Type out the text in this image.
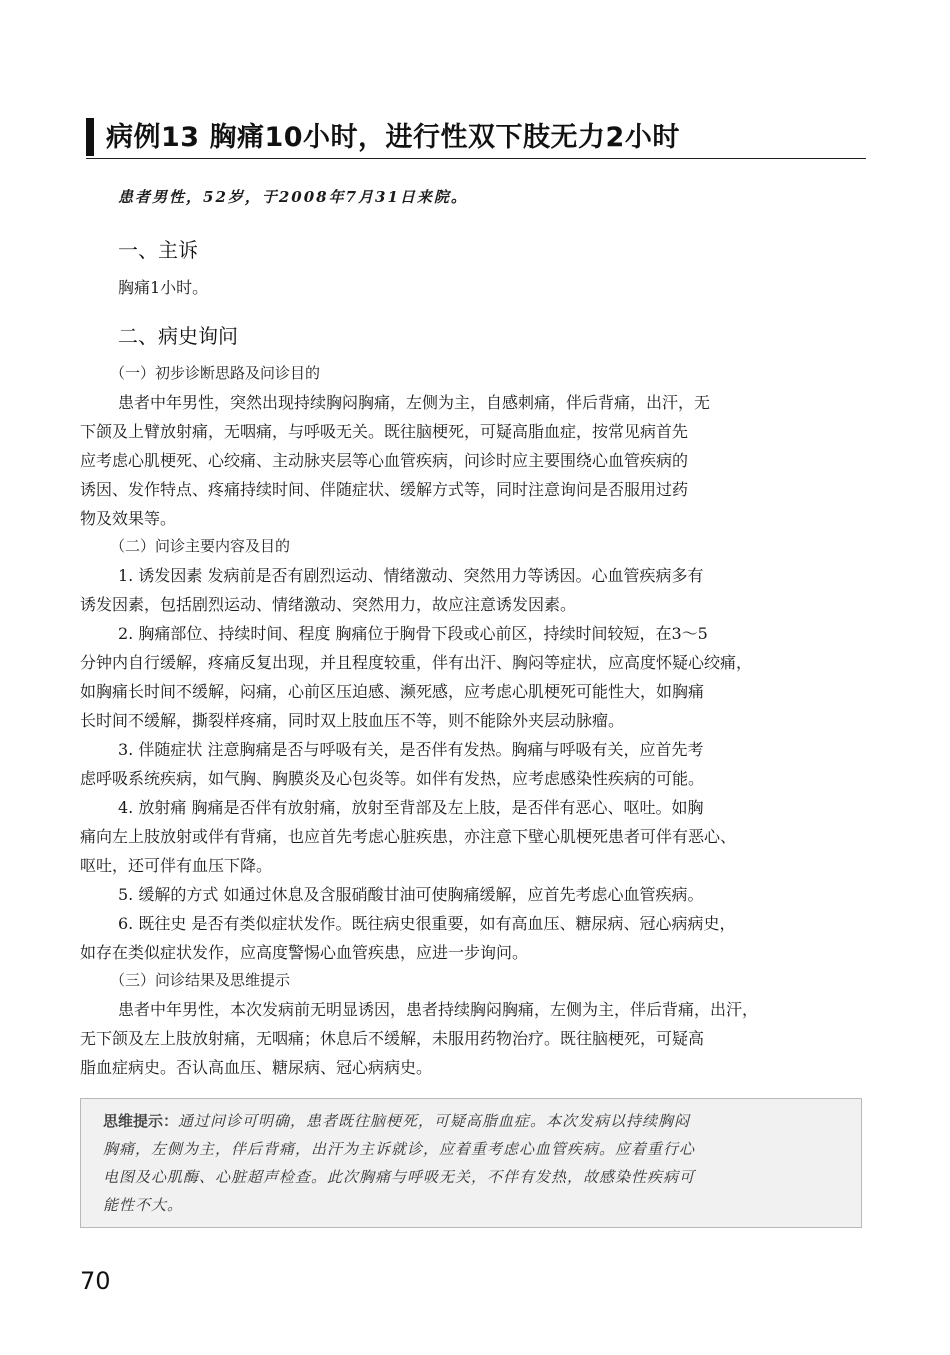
病例13 胸痛10小时，进行性双下肢无力2小时
患者男性，52岁，于2008年7月31日来院。
一、主诉
胸痛1小时。
二、病史询问
（一）初步诊断思路及问诊目的
患者中年男性，突然出现持续胸闷胸痛，左侧为主，自感刺痛，伴后背痛，出汗，无
下颌及上臂放射痛，无咽痛，与呼吸无关。既往脑梗死，可疑高脂血症，按常见病首先
应考虑心肌梗死、心绞痛、主动脉夹层等心血管疾病，问诊时应主要围绕心血管疾病的
诱因、发作特点、疼痛持续时间、伴随症状、缓解方式等，同时注意询问是否服用过药
物及效果等。
（二）问诊主要内容及目的
1. 诱发因素 发病前是否有剧烈运动、情绪激动、突然用力等诱因。心血管疾病多有
诱发因素，包括剧烈运动、情绪激动、突然用力，故应注意诱发因素。
2. 胸痛部位、持续时间、程度 胸痛位于胸骨下段或心前区，持续时间较短，在3～5
分钟内自行缓解，疼痛反复出现，并且程度较重，伴有出汗、胸闷等症状，应高度怀疑心绞痛，
如胸痛长时间不缓解，闷痛，心前区压迫感、濒死感，应考虑心肌梗死可能性大，如胸痛
长时间不缓解，撕裂样疼痛，同时双上肢血压不等，则不能除外夹层动脉瘤。
3. 伴随症状 注意胸痛是否与呼吸有关，是否伴有发热。胸痛与呼吸有关，应首先考
虑呼吸系统疾病，如气胸、胸膜炎及心包炎等。如伴有发热，应考虑感染性疾病的可能。
4. 放射痛 胸痛是否伴有放射痛，放射至背部及左上肢，是否伴有恶心、呕吐。如胸
痛向左上肢放射或伴有背痛，也应首先考虑心脏疾患，亦注意下壁心肌梗死患者可伴有恶心、
呕吐，还可伴有血压下降。
5. 缓解的方式 如通过休息及含服硝酸甘油可使胸痛缓解，应首先考虑心血管疾病。
6. 既往史 是否有类似症状发作。既往病史很重要，如有高血压、糖尿病、冠心病病史，
如存在类似症状发作，应高度警惕心血管疾患，应进一步询问。
（三）问诊结果及思维提示
患者中年男性，本次发病前无明显诱因，患者持续胸闷胸痛，左侧为主，伴后背痛，出汗，
无下颌及左上肢放射痛，无咽痛；休息后不缓解，未服用药物治疗。既往脑梗死，可疑高
脂血症病史。否认高血压、糖尿病、冠心病病史。
思维提示：通过问诊可明确，患者既往脑梗死，可疑高脂血症。本次发病以持续胸闷
胸痛，左侧为主，伴后背痛，出汗为主诉就诊，应着重考虑心血管疾病。应着重行心
电图及心肌酶、心脏超声检查。此次胸痛与呼吸无关，不伴有发热，故感染性疾病可
能性不大。
70
